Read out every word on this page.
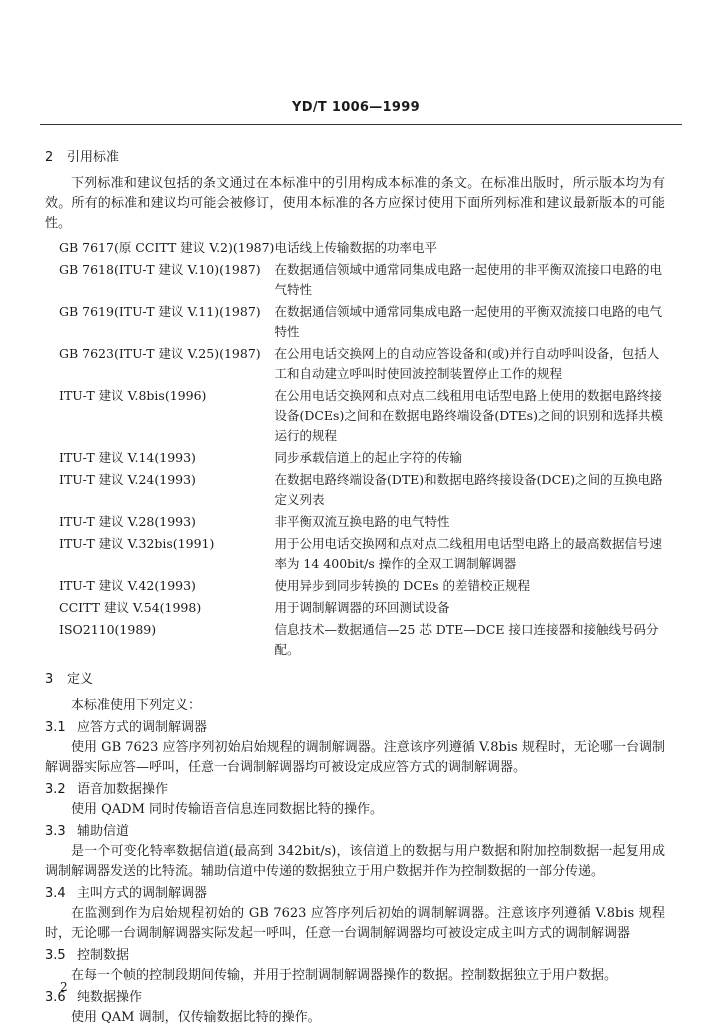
YD/T 1006—1999
2 引用标准

下列标准和建议包括的条文通过在本标准中的引用构成本标准的条文。在标准出版时，所示版本均为有效。所有的标准和建议均可能会被修订，使用本标准的各方应探讨使用下面所列标准和建议最新版本的可能性。

GB 7617(原 CCITT 建议 V.2)(1987)	电话线上传输数据的功率电平
GB 7618(ITU-T 建议 V.10)(1987)	在数据通信领域中通常同集成电路一起使用的非平衡双流接口电路的电气特性
GB 7619(ITU-T 建议 V.11)(1987)	在数据通信领域中通常同集成电路一起使用的平衡双流接口电路的电气特性
GB 7623(ITU-T 建议 V.25)(1987)	在公用电话交换网上的自动应答设备和(或)并行自动呼叫设备，包括人工和自动建立呼叫时使回波控制装置停止工作的规程
ITU-T 建议 V.8bis(1996)	在公用电话交换网和点对点二线租用电话型电路上使用的数据电路终接设备(DCEs)之间和在数据电路终端设备(DTEs)之间的识别和选择共模运行的规程
ITU-T 建议 V.14(1993)	同步承载信道上的起止字符的传输
ITU-T 建议 V.24(1993)	在数据电路终端设备(DTE)和数据电路终接设备(DCE)之间的互换电路定义列表
ITU-T 建议 V.28(1993)	非平衡双流互换电路的电气特性
ITU-T 建议 V.32bis(1991)	用于公用电话交换网和点对点二线租用电话型电路上的最高数据信号速率为 14 400bit/s 操作的全双工调制解调器
ITU-T 建议 V.42(1993)	使用异步到同步转换的 DCEs 的差错校正规程
CCITT 建议 V.54(1998)	用于调制解调器的环回测试设备
ISO2110(1989)	信息技术—数据通信—25 芯 DTE—DCE 接口连接器和接触线号码分配。
3 定义

本标准使用下列定义：

3.1 应答方式的调制解调器

使用 GB 7623 应答序列初始启始规程的调制解调器。注意该序列遵循 V.8bis 规程时，无论哪一台调制解调器实际应答—呼叫，任意一台调制解调器均可被设定成应答方式的调制解调器。

3.2 语音加数据操作

使用 QADM 同时传输语音信息连同数据比特的操作。

3.3 辅助信道

是一个可变化特率数据信道(最高到 342bit/s)，该信道上的数据与用户数据和附加控制数据一起复用成调制解调器发送的比特流。辅助信道中传递的数据独立于用户数据并作为控制数据的一部分传递。

3.4 主叫方式的调制解调器

在监测到作为启始规程初始的 GB 7623 应答序列后初始的调制解调器。注意该序列遵循 V.8bis 规程时，无论哪一台调制解调器实际发起一呼叫，任意一台调制解调器均可被设定成主叫方式的调制解调器

3.5 控制数据

在每一个帧的控制段期间传输，并用于控制调制解调器操作的数据。控制数据独立于用户数据。

3.6 纯数据操作

使用 QAM 调制，仅传输数据比特的操作。

2
